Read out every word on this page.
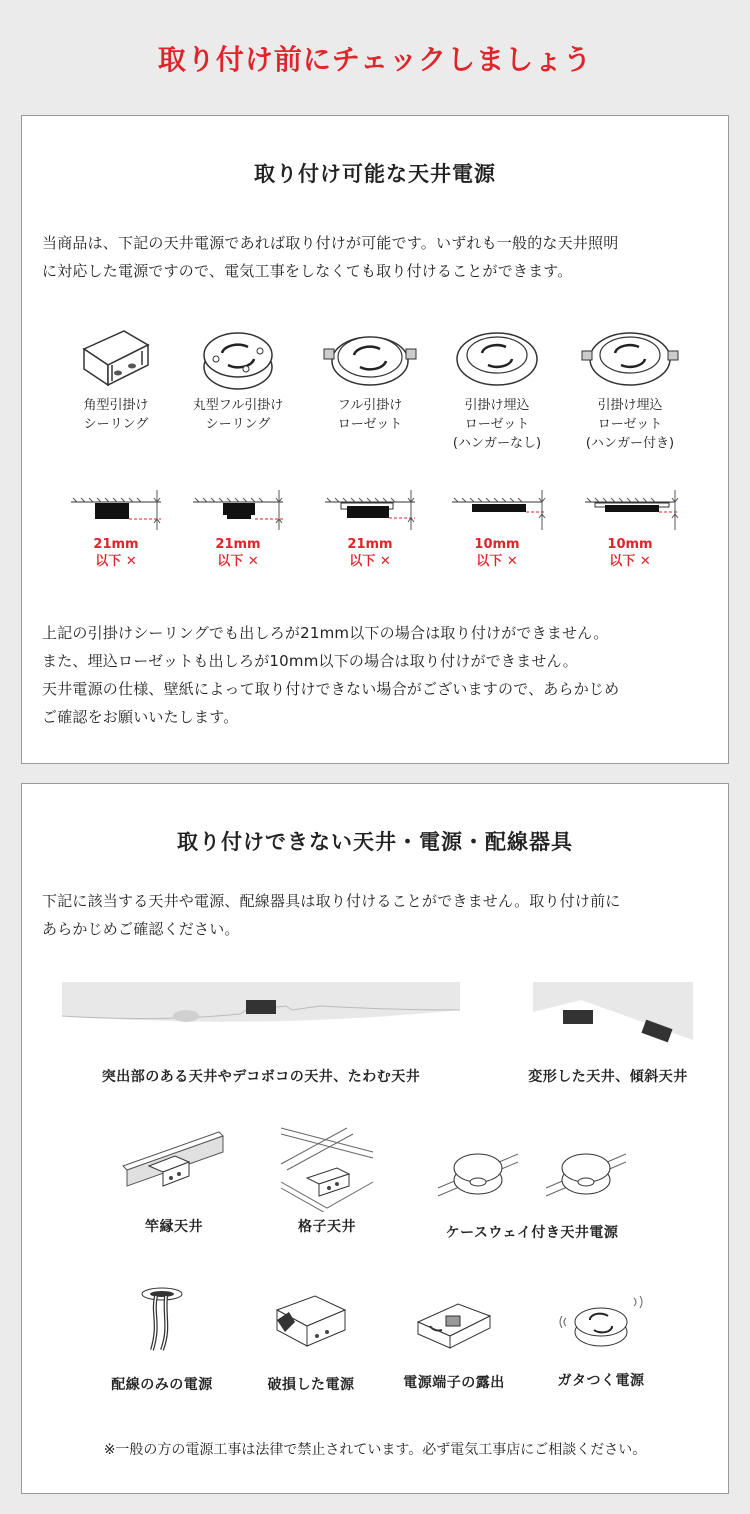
取り付け前にチェックしましょう
取り付け可能な天井電源
当商品は、下記の天井電源であれば取り付けが可能です。いずれも一般的な天井照明
に対応した電源ですので、電気工事をしなくても取り付けることができます。
角型引掛け
シーリング
丸型フル引掛け
シーリング
フル引掛け
ローゼット
引掛け埋込
ローゼット
(ハンガーなし)
引掛け埋込
ローゼット
(ハンガー付き)
21mm
以下 ✕
21mm
以下 ✕
21mm
以下 ✕
10mm
以下 ✕
10mm
以下 ✕
上記の引掛けシーリングでも出しろが21mm以下の場合は取り付けができません。
また、埋込ローゼットも出しろが10mm以下の場合は取り付けができません。
天井電源の仕様、壁紙によって取り付けできない場合がございますので、あらかじめ
ご確認をお願いいたします。
取り付けできない天井・電源・配線器具
下記に該当する天井や電源、配線器具は取り付けることができません。取り付け前に
あらかじめご確認ください。
突出部のある天井やデコボコの天井、たわむ天井	変形した天井、傾斜天井
竿縁天井	格子天井	ケースウェイ付き天井電源
配線のみの電源	破損した電源	電源端子の露出	ガタつく電源
※一般の方の電源工事は法律で禁止されています。必ず電気工事店にご相談ください。
